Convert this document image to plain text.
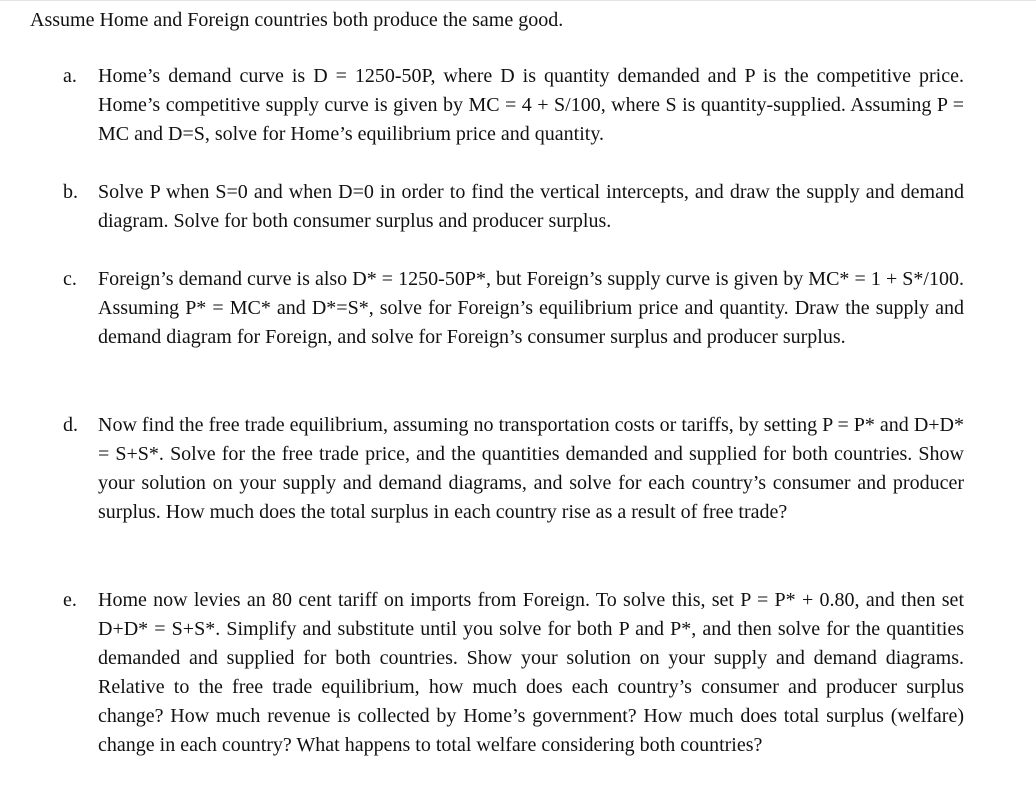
Assume Home and Foreign countries both produce the same good.

a. Home’s demand curve is D = 1250-50P, where D is quantity demanded and P is the competitive price. Home’s competitive supply curve is given by MC = 4 + S/100, where S is quantity-supplied. Assuming P = MC and D=S, solve for Home’s equilibrium price and quantity.

b. Solve P when S=0 and when D=0 in order to find the vertical intercepts, and draw the supply and demand diagram. Solve for both consumer surplus and producer surplus.

c. Foreign’s demand curve is also D* = 1250-50P*, but Foreign’s supply curve is given by MC* = 1 + S*/100. Assuming P* = MC* and D*=S*, solve for Foreign’s equilibrium price and quantity. Draw the supply and demand diagram for Foreign, and solve for Foreign’s consumer surplus and producer surplus.

d. Now find the free trade equilibrium, assuming no transportation costs or tariffs, by setting P = P* and D+D* = S+S*. Solve for the free trade price, and the quantities demanded and supplied for both countries. Show your solution on your supply and demand diagrams, and solve for each country’s consumer and producer surplus. How much does the total surplus in each country rise as a result of free trade?

e. Home now levies an 80 cent tariff on imports from Foreign. To solve this, set P = P* + 0.80, and then set D+D* = S+S*. Simplify and substitute until you solve for both P and P*, and then solve for the quantities demanded and supplied for both countries. Show your solution on your supply and demand diagrams. Relative to the free trade equilibrium, how much does each country’s consumer and producer surplus change? How much revenue is collected by Home’s government? How much does total surplus (welfare) change in each country? What happens to total welfare considering both countries?
